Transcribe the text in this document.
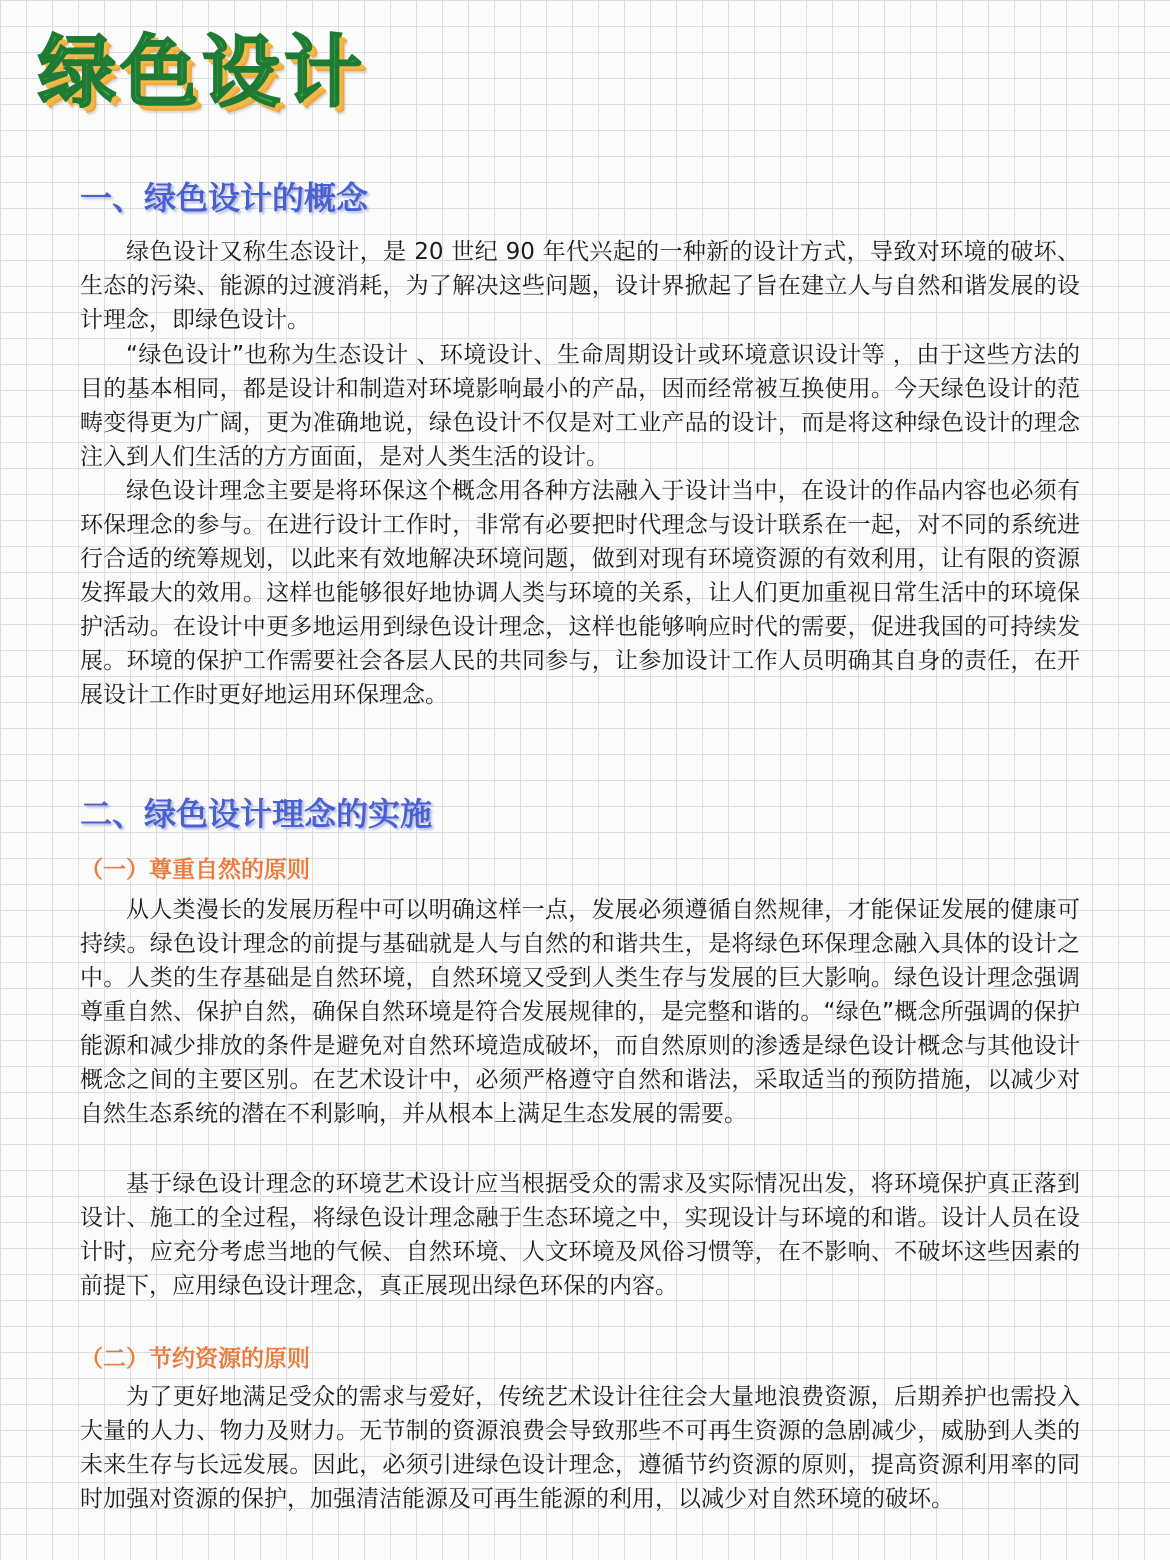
绿色设计
一、绿色设计的概念

绿色设计又称生态设计，是 20 世纪 90 年代兴起的一种新的设计方式，导致对环境的破坏、生态的污染、能源的过渡消耗，为了解决这些问题，设计界掀起了旨在建立人与自然和谐发展的设计理念，即绿色设计。

“绿色设计”也称为生态设计 、环境设计、生命周期设计或环境意识设计等 ，由于这些方法的目的基本相同，都是设计和制造对环境影响最小的产品，因而经常被互换使用。今天绿色设计的范畴变得更为广阔，更为准确地说，绿色设计不仅是对工业产品的设计，而是将这种绿色设计的理念注入到人们生活的方方面面，是对人类生活的设计。

绿色设计理念主要是将环保这个概念用各种方法融入于设计当中，在设计的作品内容也必须有环保理念的参与。在进行设计工作时，非常有必要把时代理念与设计联系在一起，对不同的系统进行合适的统筹规划，以此来有效地解决环境问题，做到对现有环境资源的有效利用，让有限的资源发挥最大的效用。这样也能够很好地协调人类与环境的关系，让人们更加重视日常生活中的环境保护活动。在设计中更多地运用到绿色设计理念，这样也能够响应时代的需要，促进我国的可持续发展。环境的保护工作需要社会各层人民的共同参与，让参加设计工作人员明确其自身的责任，在开展设计工作时更好地运用环保理念。

二、绿色设计理念的实施
（一）尊重自然的原则

从人类漫长的发展历程中可以明确这样一点，发展必须遵循自然规律，才能保证发展的健康可持续。绿色设计理念的前提与基础就是人与自然的和谐共生，是将绿色环保理念融入具体的设计之中。人类的生存基础是自然环境，自然环境又受到人类生存与发展的巨大影响。绿色设计理念强调尊重自然、保护自然，确保自然环境是符合发展规律的，是完整和谐的。“绿色”概念所强调的保护能源和减少排放的条件是避免对自然环境造成破坏，而自然原则的渗透是绿色设计概念与其他设计概念之间的主要区别。在艺术设计中，必须严格遵守自然和谐法，采取适当的预防措施，以减少对自然生态系统的潜在不利影响，并从根本上满足生态发展的需要。

基于绿色设计理念的环境艺术设计应当根据受众的需求及实际情况出发，将环境保护真正落到设计、施工的全过程，将绿色设计理念融于生态环境之中，实现设计与环境的和谐。设计人员在设计时，应充分考虑当地的气候、自然环境、人文环境及风俗习惯等，在不影响、不破坏这些因素的前提下，应用绿色设计理念，真正展现出绿色环保的内容。

（二）节约资源的原则

为了更好地满足受众的需求与爱好，传统艺术设计往往会大量地浪费资源，后期养护也需投入大量的人力、物力及财力。无节制的资源浪费会导致那些不可再生资源的急剧减少，威胁到人类的未来生存与长远发展。因此，必须引进绿色设计理念，遵循节约资源的原则，提高资源利用率的同时加强对资源的保护，加强清洁能源及可再生能源的利用，以减少对自然环境的破坏。
